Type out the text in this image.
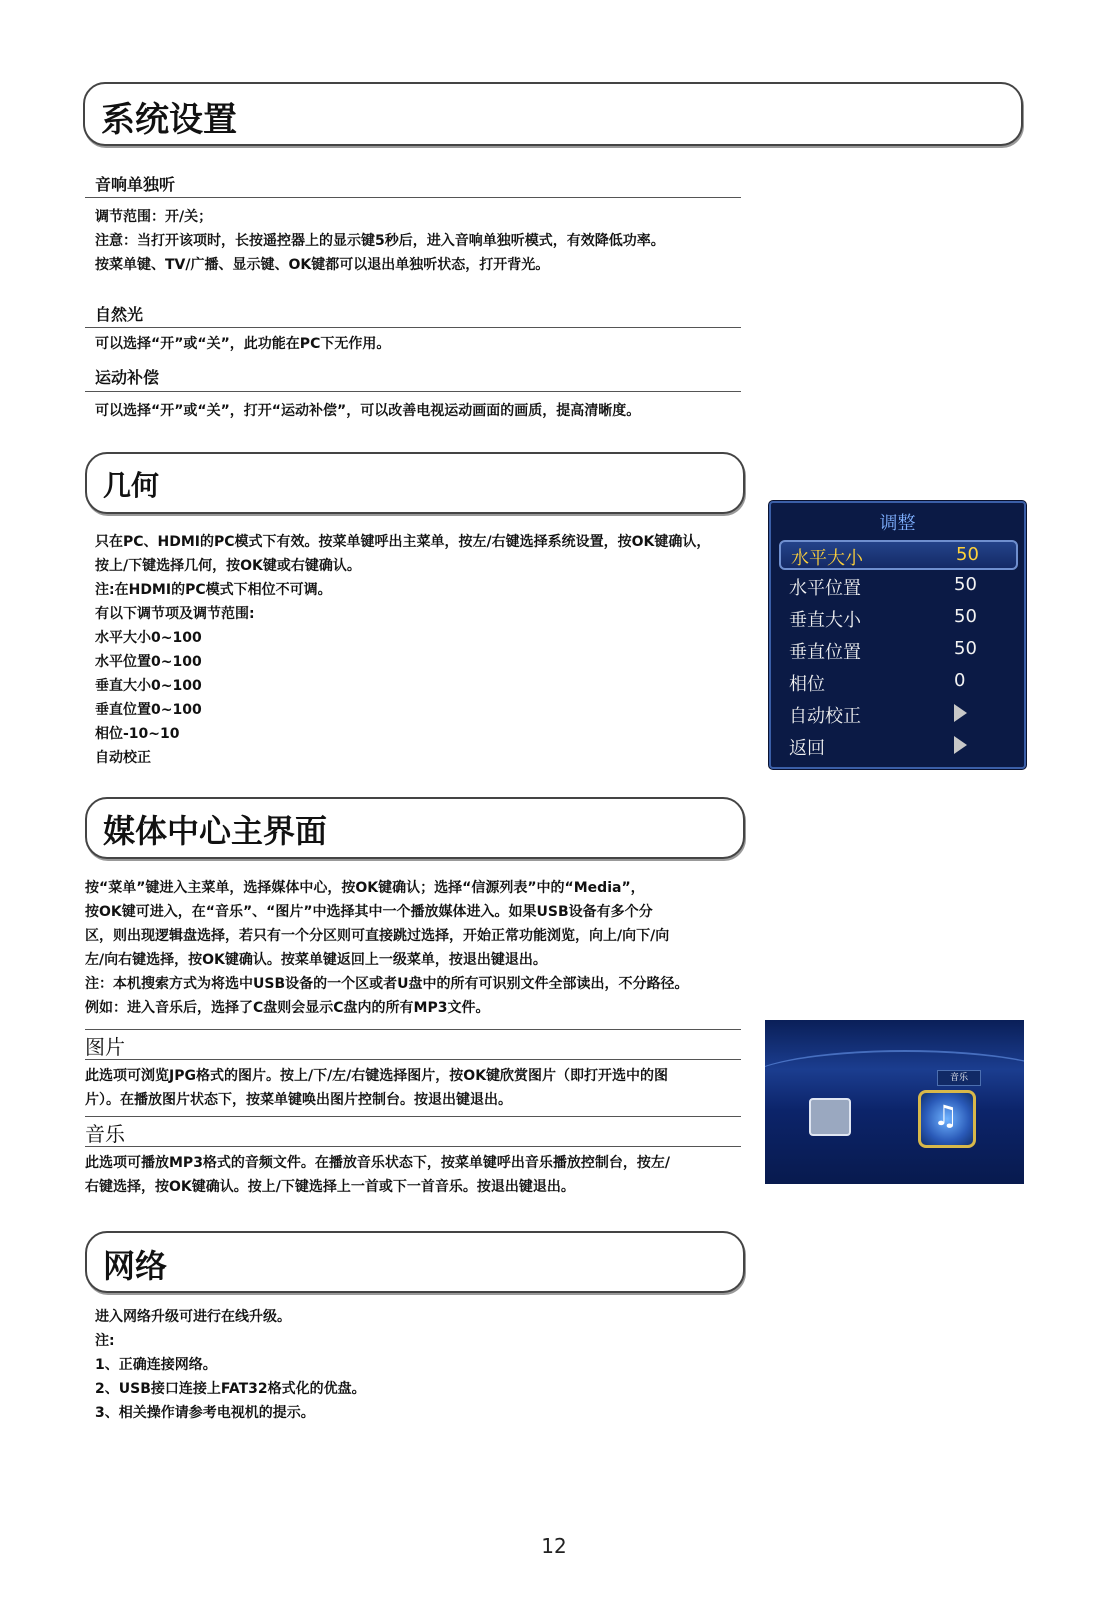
系统设置
音响单独听
调节范围：开/关；
注意：当打开该项时，长按遥控器上的显示键5秒后，进入音响单独听模式，有效降低功率。
按菜单键、TV/广播、显示键、OK键都可以退出单独听状态，打开背光。
自然光
可以选择“开”或“关”，此功能在PC下无作用。
运动补偿
可以选择“开”或“关”，打开“运动补偿”，可以改善电视运动画面的画质，提高清晰度。
几何
只在PC、HDMI的PC模式下有效。按菜单键呼出主菜单，按左/右键选择系统设置，按OK键确认，
按上/下键选择几何，按OK键或右键确认。
注:在HDMI的PC模式下相位不可调。
有以下调节项及调节范围:
水平大小0~100
水平位置0~100
垂直大小0~100
垂直位置0~100
相位-10~10
自动校正
调整
水平大小	50
水平位置	50
垂直大小	50
垂直位置	50
相位	0
自动校正
返回
媒体中心主界面
按“菜单”键进入主菜单，选择媒体中心，按OK键确认；选择“信源列表”中的“Media”，
按OK键可进入，在“音乐”、“图片”中选择其中一个播放媒体进入。如果USB设备有多个分
区，则出现逻辑盘选择，若只有一个分区则可直接跳过选择，开始正常功能浏览，向上/向下/向
左/向右键选择，按OK键确认。按菜单键返回上一级菜单，按退出键退出。
注：本机搜索方式为将选中USB设备的一个区或者U盘中的所有可识别文件全部读出，不分路径。
例如：进入音乐后，选择了C盘则会显示C盘内的所有MP3文件。
图片
此选项可浏览JPG格式的图片。按上/下/左/右键选择图片，按OK键欣赏图片（即打开选中的图
片）。在播放图片状态下，按菜单键唤出图片控制台。按退出键退出。
音乐
此选项可播放MP3格式的音频文件。在播放音乐状态下，按菜单键呼出音乐播放控制台，按左/
右键选择，按OK键确认。按上/下键选择上一首或下一首音乐。按退出键退出。
音乐
♫
网络
进入网络升级可进行在线升级。
注:
1、正确连接网络。
2、USB接口连接上FAT32格式化的优盘。
3、相关操作请参考电视机的提示。
12
